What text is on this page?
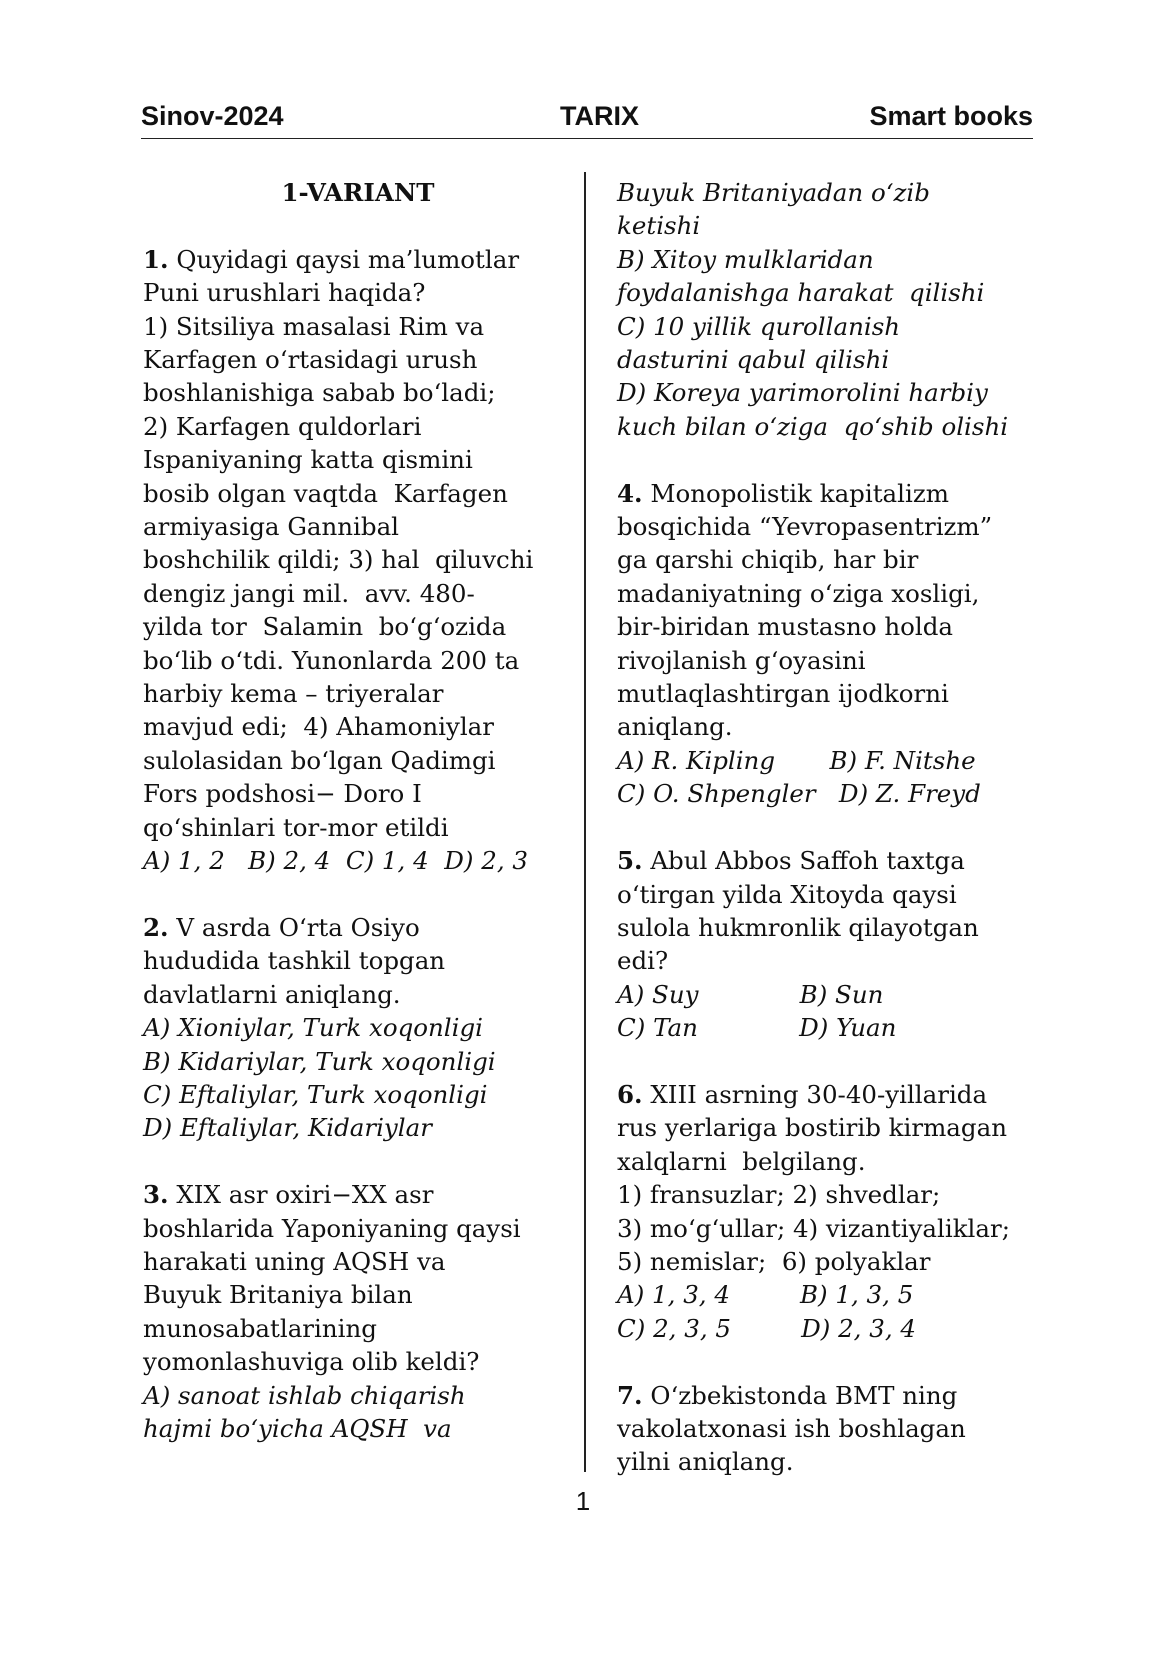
Sinov-2024	TARIX	Smart books
1-VARIANT
1. Quyidagi qaysi ma’lumotlar
Puni urushlari haqida?
1) Sitsiliya masalasi Rim va
Karfagen o‘rtasidagi urush
boshlanishiga sabab bo‘ladi;
2) Karfagen quldorlari
Ispaniyaning katta qismini
bosib olgan vaqtda  Karfagen
armiyasiga Gannibal
boshchilik qildi; 3) hal  qiluvchi
dengiz jangi mil.  avv. 480-
yilda tor  Salamin  bo‘g‘ozida
bo‘lib o‘tdi. Yunonlarda 200 ta
harbiy kema – triyeralar
mavjud edi;  4) Ahamoniylar
sulolasidan bo‘lgan Qadimgi
Fors podshosi− Doro I
qo‘shinlari tor-mor etildi
A) 1, 2   B) 2, 4  C) 1, 4  D) 2, 3
2. V asrda O‘rta Osiyo
hududida tashkil topgan
davlatlarni aniqlang.
A) Xioniylar, Turk xoqonligi
B) Kidariylar, Turk xoqonligi
C) Eftaliylar, Turk xoqonligi
D) Eftaliylar, Kidariylar
3. XIX asr oxiri−XX asr
boshlarida Yaponiyaning qaysi
harakati uning AQSH va
Buyuk Britaniya bilan
munosabatlarining
yomonlashuviga olib keldi?
A) sanoat ishlab chiqarish
hajmi bo‘yicha AQSH  va
Buyuk Britaniyadan o‘zib
ketishi
B) Xitoy mulklaridan
foydalanishga harakat  qilishi
C) 10 yillik qurollanish
dasturini qabul qilishi
D) Koreya yarimorolini harbiy
kuch bilan o‘ziga  qo‘shib olishi
4. Monopolistik kapitalizm
bosqichida “Yevropasentrizm”
ga qarshi chiqib, har bir
madaniyatning o‘ziga xosligi,
bir-biridan mustasno holda
rivojlanish g‘oyasini
mutlaqlashtirgan ijodkorni
aniqlang.
A) R. Kipling       B) F. Nitshe
C) O. Shpengler   D) Z. Freyd
5. Abul Abbos Saffoh taxtga
o‘tirgan yilda Xitoyda qaysi
sulola hukmronlik qilayotgan
edi?
A) Suy             B) Sun
C) Tan             D) Yuan
6. XIII asrning 30-40-yillarida
rus yerlariga bostirib kirmagan
xalqlarni  belgilang.
1) fransuzlar; 2) shvedlar;
3) mo‘g‘ullar; 4) vizantiyaliklar;
5) nemislar;  6) polyaklar
A) 1, 3, 4         B) 1, 3, 5
C) 2, 3, 5         D) 2, 3, 4
7. O‘zbekistonda BMT ning
vakolatxonasi ish boshlagan
yilni aniqlang.
1
